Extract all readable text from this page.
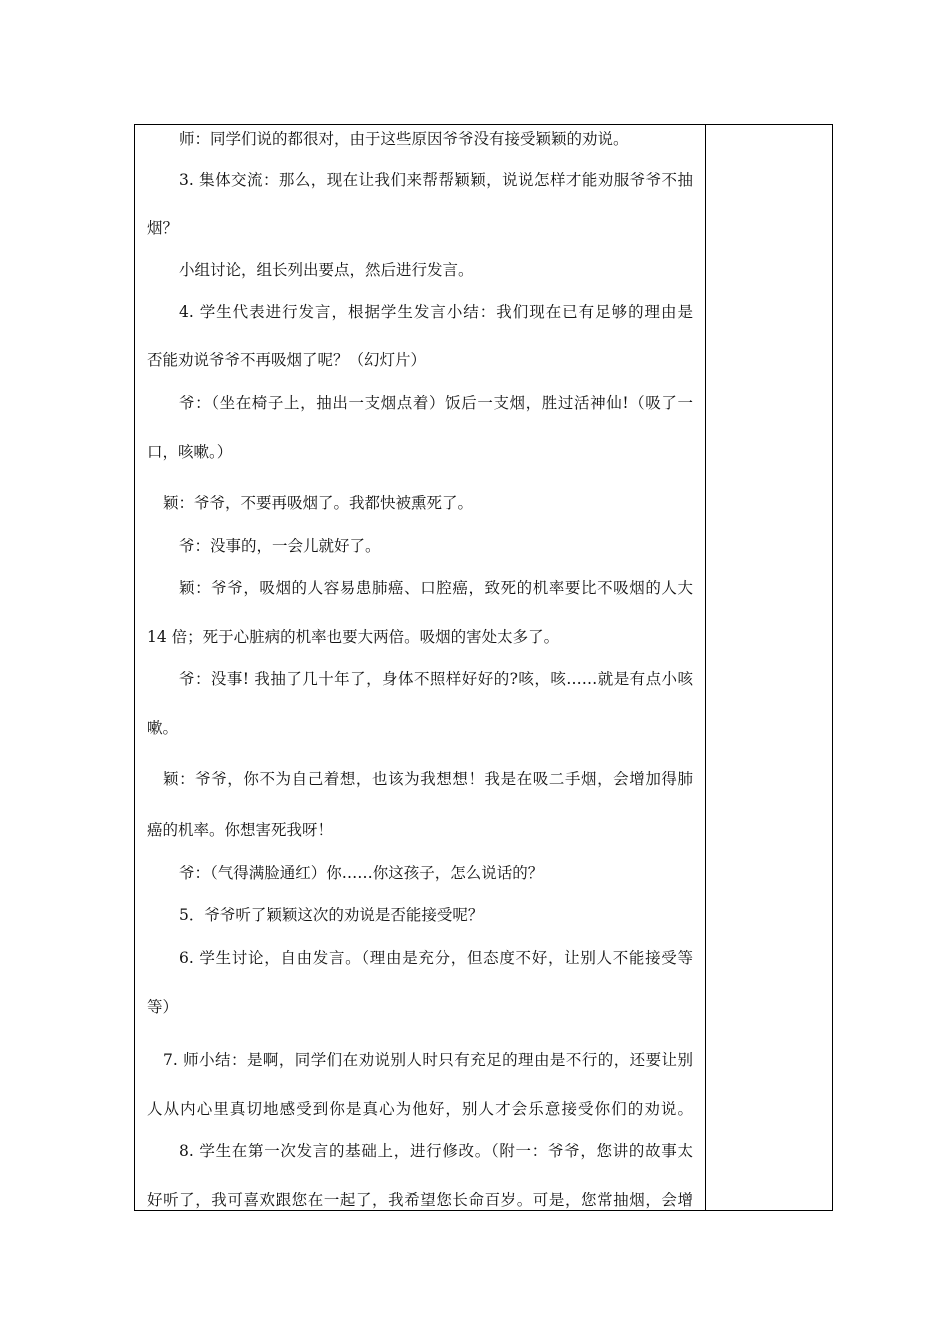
师：同学们说的都很对，由于这些原因爷爷没有接受颖颖的劝说。
3. 集体交流：那么，现在让我们来帮帮颖颖，说说怎样才能劝服爷爷不抽
烟？
小组讨论，组长列出要点，然后进行发言。
4. 学生代表进行发言，根据学生发言小结：我们现在已有足够的理由是
否能劝说爷爷不再吸烟了呢？（幻灯片）
爷：（坐在椅子上，抽出一支烟点着）饭后一支烟，胜过活神仙!（吸了一
口，咳嗽。）
颖：爷爷，不要再吸烟了。我都快被熏死了。
爷：没事的，一会儿就好了。
颖：爷爷，吸烟的人容易患肺癌、口腔癌，致死的机率要比不吸烟的人大
14 倍；死于心脏病的机率也要大两倍。吸烟的害处太多了。
爷：没事! 我抽了几十年了，身体不照样好好的?咳，咳……就是有点小咳
嗽。
颖：爷爷，你不为自己着想，也该为我想想！我是在吸二手烟，会增加得肺
癌的机率。你想害死我呀！
爷：（气得满脸通红）你……你这孩子，怎么说话的？
5．爷爷听了颖颖这次的劝说是否能接受呢？
6. 学生讨论，自由发言。（理由是充分，但态度不好，让别人不能接受等
等）
7. 师小结：是啊，同学们在劝说别人时只有充足的理由是不行的，还要让别
人从内心里真切地感受到你是真心为他好，别人才会乐意接受你们的劝说。
8. 学生在第一次发言的基础上，进行修改。（附一：爷爷，您讲的故事太
好听了，我可喜欢跟您在一起了，我希望您长命百岁。可是，您常抽烟，会增
